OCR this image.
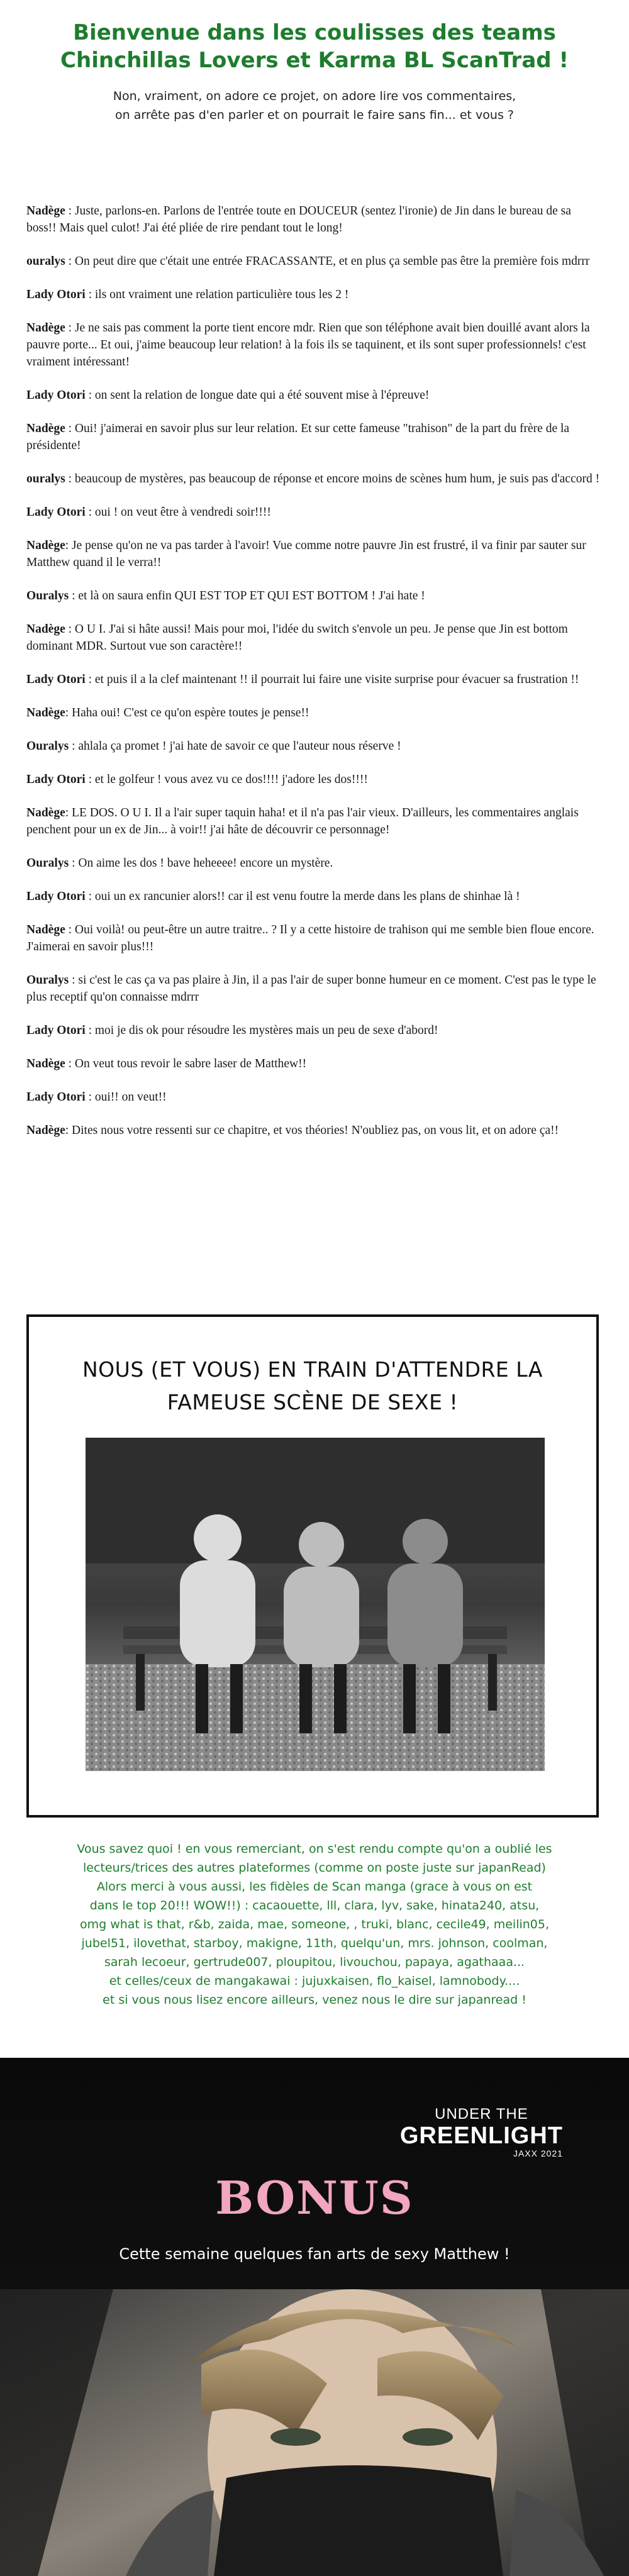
Bienvenue dans les coulisses des teams

Chinchillas Lovers et Karma BL ScanTrad !

Non, vraiment, on adore ce projet, on adore lire vos commentaires,
on arrête pas d'en parler et on pourrait le faire sans fin... et vous ?

Nadège : Juste, parlons-en. Parlons de l'entrée toute en DOUCEUR (sentez l'ironie) de Jin dans le bureau de sa boss!! Mais quel culot! J'ai été pliée de rire pendant tout le long!

ouralys : On peut dire que c'était une entrée FRACASSANTE, et en plus ça semble pas être la première fois mdrrr

Lady Otori : ils ont vraiment une relation particulière tous les 2 !

Nadège : Je ne sais pas comment la porte tient encore mdr. Rien que son téléphone avait bien douillé avant alors la pauvre porte... Et oui, j'aime beaucoup leur relation! à la fois ils se taquinent, et ils sont super professionnels! c'est vraiment intéressant!

Lady Otori : on sent la relation de longue date qui a été souvent mise à l'épreuve!

Nadège : Oui! j'aimerai en savoir plus sur leur relation. Et sur cette fameuse "trahison" de la part du frère de la présidente!

ouralys : beaucoup de mystères, pas beaucoup de réponse et encore moins de scènes hum hum, je suis pas d'accord !

Lady Otori : oui ! on veut être à vendredi soir!!!!

Nadège: Je pense qu'on ne va pas tarder à l'avoir! Vue comme notre pauvre Jin est frustré, il va finir par sauter sur Matthew quand il le verra!!

Ouralys : et là on saura enfin QUI EST TOP ET QUI EST BOTTOM ! J'ai hate !

Nadège : O U I. J'ai si hâte aussi! Mais pour moi, l'idée du switch s'envole un peu. Je pense que Jin est bottom dominant MDR. Surtout vue son caractère!!

Lady Otori : et puis il a la clef maintenant !! il pourrait lui faire une visite surprise pour évacuer sa frustration !!

Nadège: Haha oui! C'est ce qu'on espère toutes je pense!!

Ouralys : ahlala ça promet ! j'ai hate de savoir ce que l'auteur nous réserve !

Lady Otori : et le golfeur ! vous avez vu ce dos!!!! j'adore les dos!!!!

Nadège: LE DOS. O U I. Il a l'air super taquin haha! et il n'a pas l'air vieux. D'ailleurs, les commentaires anglais penchent pour un ex de Jin... à voir!! j'ai hâte de découvrir ce personnage!

Ouralys : On aime les dos ! bave heheeee! encore un mystère.

Lady Otori : oui un ex rancunier alors!! car il est venu foutre la merde dans les plans de shinhae là !

Nadège : Oui voilà! ou peut-être un autre traitre.. ? Il y a cette histoire de trahison qui me semble bien floue encore. J'aimerai en savoir plus!!!

Ouralys : si c'est le cas ça va pas plaire à Jin, il a pas l'air de super bonne humeur en ce moment. C'est pas le type le plus receptif qu'on connaisse mdrrr

Lady Otori : moi je dis ok pour résoudre les mystères mais un peu de sexe d'abord!

Nadège : On veut tous revoir le sabre laser de Matthew!!

Lady Otori : oui!! on veut!!

Nadège: Dites nous votre ressenti sur ce chapitre, et vos théories! N'oubliez pas, on vous lit, et on adore ça!!

NOUS (ET VOUS) EN TRAIN D'ATTENDRE LA
FAMEUSE SCÈNE DE SEXE !
Vous savez quoi ! en vous remerciant, on s'est rendu compte qu'on a oublié les
lecteurs/trices des autres plateformes (comme on poste juste sur japanRead)
Alors merci à vous aussi, les fidèles de Scan manga (grace à vous on est
dans le top 20!!! WOW!!) : cacaouette, lll, clara, lyv, sake, hinata240, atsu,
omg what is that, r&b, zaida, mae, someone, , truki, blanc, cecile49, meilin05,
jubel51, ilovethat, starboy, makigne, 11th, quelqu'un, mrs. johnson, coolman,
sarah lecoeur, gertrude007, ploupitou, livouchou, papaya, agathaaa...
et celles/ceux de mangakawai : jujuxkaisen, flo_kaisel, lamnobody....
et si vous nous lisez encore ailleurs, venez nous le dire sur japanread !
UNDER THE
GREENLIGHT
JAXX 2021
BONUS
Cette semaine quelques fan arts de sexy Matthew !
